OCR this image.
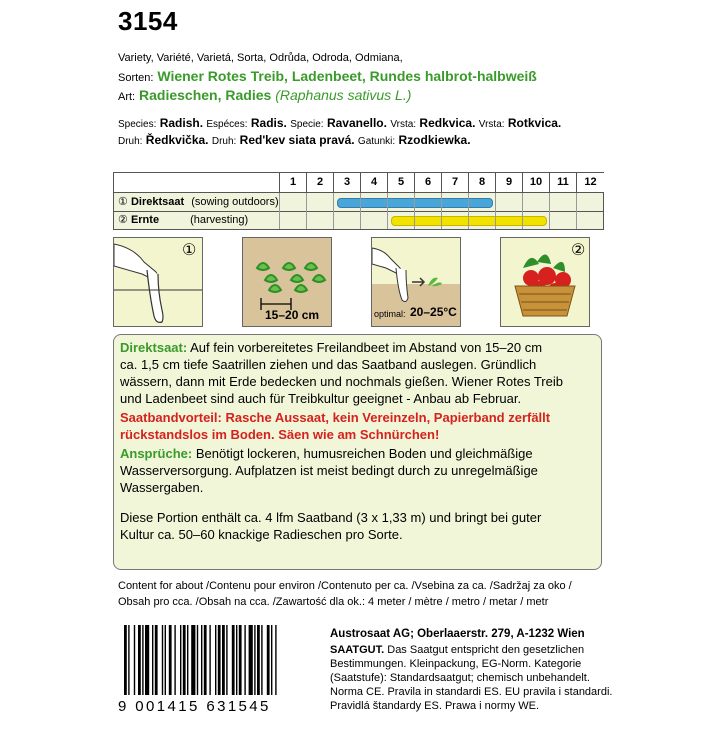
3154
Variety, Variété, Varietá, Sorta, Odrůda, Odroda, Odmiana,
Sorten: Wiener Rotes Treib, Ladenbeet, Rundes halbrot-halbweiß
Art: Radieschen, Radies (Raphanus sativus L.)
Species: Radish. Espéces: Radis. Specie: Ravanello. Vrsta: Redkvica. Vrsta: Rotkvica.
Druh: Ředkvička. Druh: Red'kev siata pravá. Gatunki: Rzodkiewka.
1	2	3	4	5	6	7	8	9	10	11	12
① Direktsaat (sowing outdoors)
② Ernte	(harvesting)
①
15–20 cm	optimal: 20–25°C
②
Direktsaat: Auf fein vorbereitetes Freilandbeet im Abstand von 15–20 cm
ca. 1,5 cm tiefe Saatrillen ziehen und das Saatband auslegen. Gründlich
wässern, dann mit Erde bedecken und nochmals gießen. Wiener Rotes Treib
und Ladenbeet sind auch für Treibkultur geeignet - Anbau ab Februar.
Saatbandvorteil: Rasche Aussaat, kein Vereinzeln, Papierband zerfällt
rückstandslos im Boden. Säen wie am Schnürchen!
Ansprüche: Benötigt lockeren, humusreichen Boden und gleichmäßige
Wasserversorgung. Aufplatzen ist meist bedingt durch zu unregelmäßige
Wassergaben.
Diese Portion enthält ca. 4 lfm Saatband (3 x 1,33 m) und bringt bei guter
Kultur ca. 50–60 knackige Radieschen pro Sorte.
Content for about /Contenu pour environ /Contenuto per ca. /Vsebina za ca. /Sadržaj za oko /
Obsah pro cca. /Obsah na cca. /Zawartość dla ok.: 4 meter / mètre / metro / metar / metr
9 001415 631545
Austrosaat AG; Oberlaaerstr. 279, A-1232 Wien
SAATGUT. Das Saatgut entspricht den gesetzlichen
Bestimmungen. Kleinpackung, EG-Norm. Kategorie
(Saatstufe): Standardsaatgut; chemisch unbehandelt.
Norma CE. Pravila in standardi ES. EU pravila i standardi.
Pravidlá štandardy ES. Prawa i normy WE.
